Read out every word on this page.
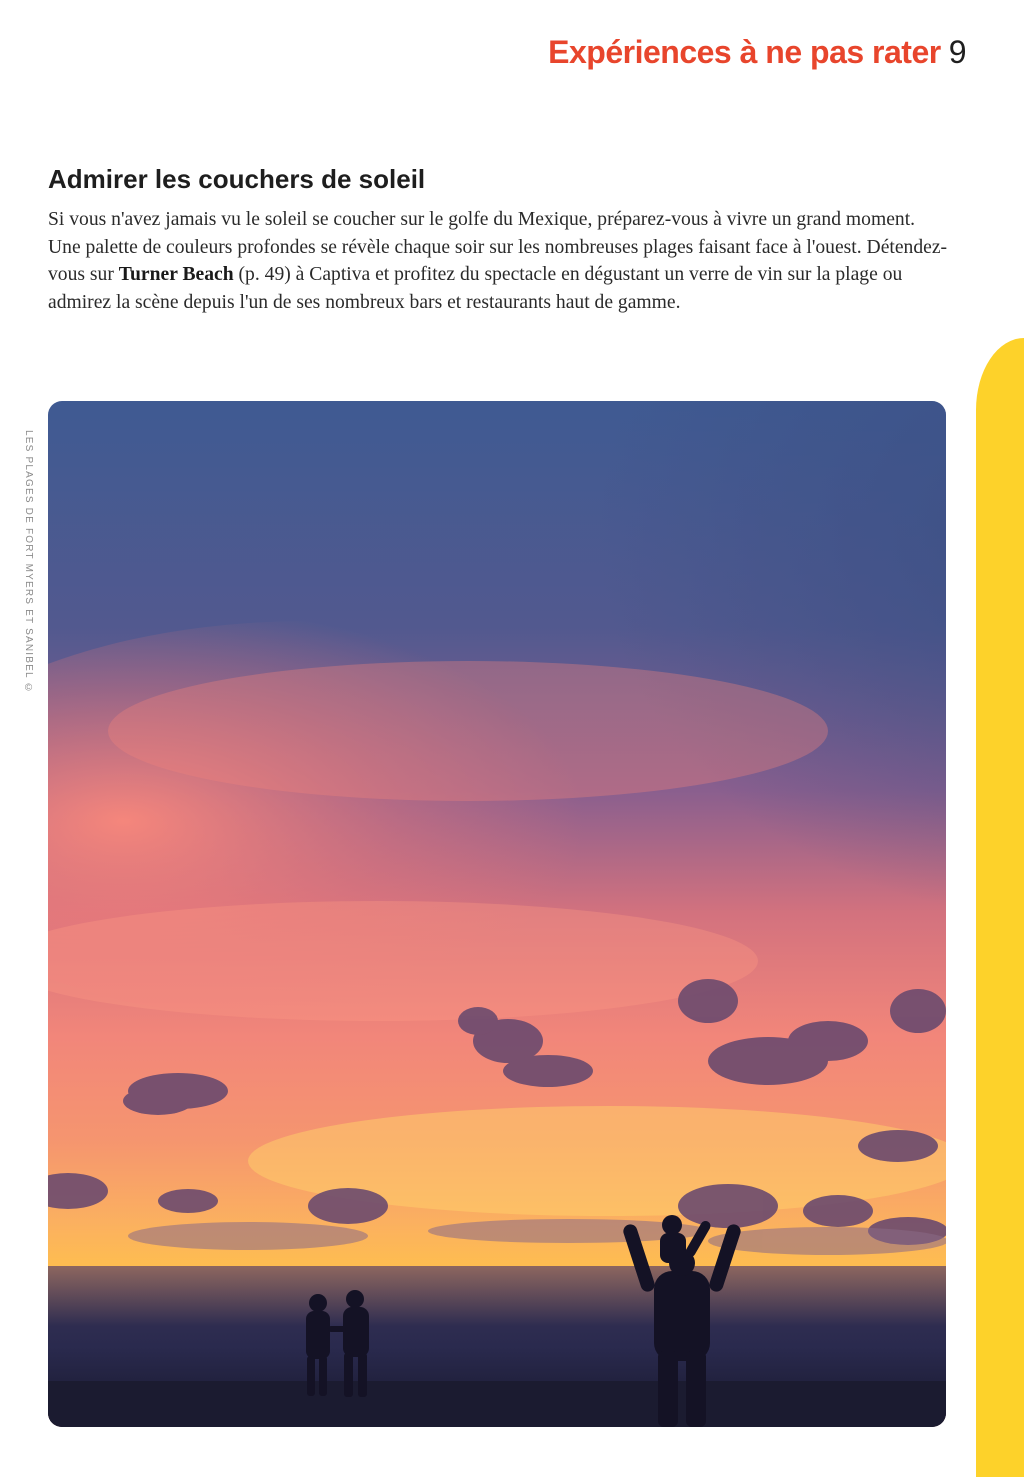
Expériences à ne pas rater 9
Admirer les couchers de soleil

Si vous n'avez jamais vu le soleil se coucher sur le golfe du Mexique, préparez-vous à vivre un grand moment. Une palette de couleurs profondes se révèle chaque soir sur les nombreuses plages faisant face à l'ouest. Détendez-vous sur Turner Beach (p. 49) à Captiva et profitez du spectacle en dégustant un verre de vin sur la plage ou admirez la scène depuis l'un de ses nombreux bars et restaurants haut de gamme.

LES PLAGES DE FORT MYERS ET SANIBEL ©
